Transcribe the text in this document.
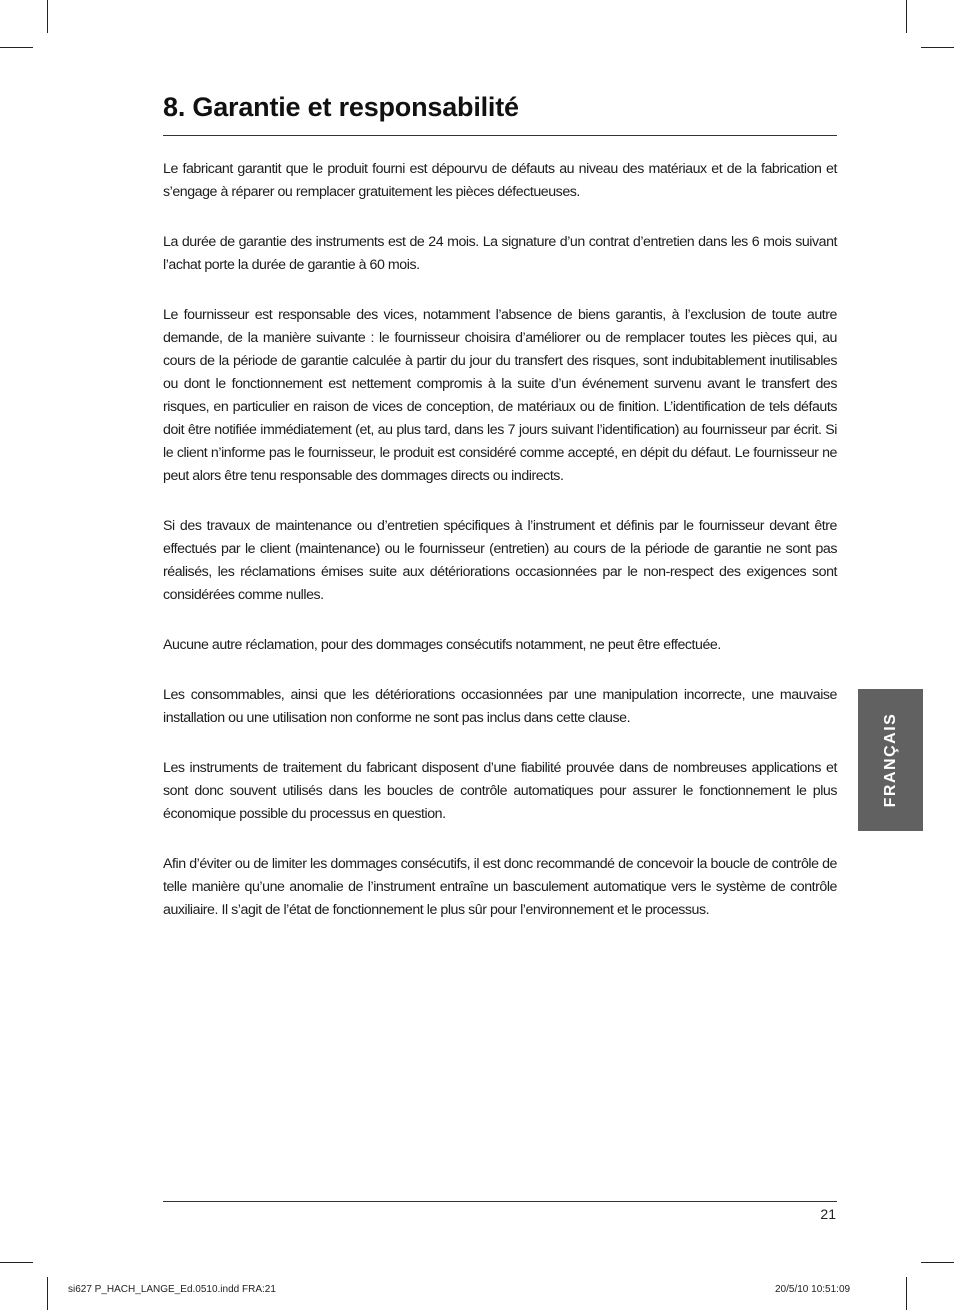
8. Garantie et responsabilité

Le fabricant garantit que le produit fourni est dépourvu de défauts au niveau des matériaux et de la fabrication et s’engage à réparer ou remplacer gratuitement les pièces défectueuses.

La durée de garantie des instruments est de 24 mois. La signature d’un contrat d’entretien dans les 6 mois suivant l’achat porte la durée de garantie à 60 mois.

Le fournisseur est responsable des vices, notamment l’absence de biens garantis, à l’exclusion de toute autre demande, de la manière suivante : le fournisseur choisira d’améliorer ou de remplacer toutes les pièces qui, au cours de la période de garantie calculée à partir du jour du transfert des risques, sont indubitablement inutilisables ou dont le fonctionnement est nettement compromis à la suite d’un événement survenu avant le transfert des risques, en particulier en raison de vices de conception, de matériaux ou de finition. L’identification de tels défauts doit être notifiée immédiatement (et, au plus tard, dans les 7 jours suivant l’identification) au fournisseur par écrit. Si le client n’informe pas le fournisseur, le produit est considéré comme accepté, en dépit du défaut. Le fournisseur ne peut alors être tenu responsable des dommages directs ou indirects.

Si des travaux de maintenance ou d’entretien spécifiques à l’instrument et définis par le fournisseur devant être effectués par le client (maintenance) ou le fournisseur (entretien) au cours de la période de garantie ne sont pas réalisés, les réclamations émises suite aux détériorations occasionnées par le non-respect des exigences sont considérées comme nulles.

Aucune autre réclamation, pour des dommages consécutifs notamment, ne peut être effectuée.

Les consommables, ainsi que les détériorations occasionnées par une manipulation incorrecte, une mauvaise installation ou une utilisation non conforme ne sont pas inclus dans cette clause.

Les instruments de traitement du fabricant disposent d’une fiabilité prouvée dans de nombreuses applications et sont donc souvent utilisés dans les boucles de contrôle automatiques pour assurer le fonctionnement le plus économique possible du processus en question.

Afin d’éviter ou de limiter les dommages consécutifs, il est donc recommandé de concevoir la boucle de contrôle de telle manière qu’une anomalie de l’instrument entraîne un basculement automatique vers le système de contrôle auxiliaire. Il s’agit de l’état de fonctionnement le plus sûr pour l’environnement et le processus.

FRANÇAIS
21
si627 P_HACH_LANGE_Ed.0510.indd FRA:21	20/5/10 10:51:09
